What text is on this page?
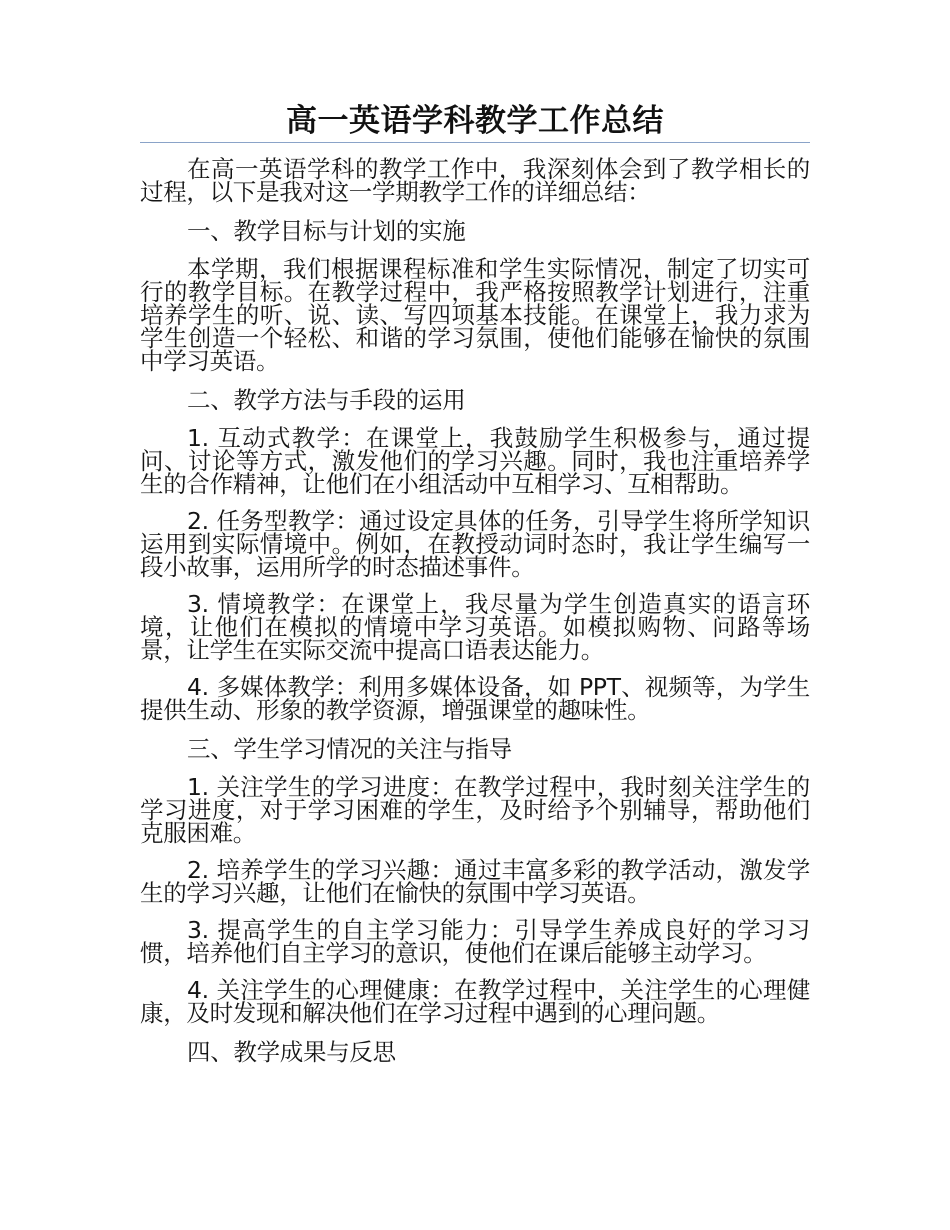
高一英语学科教学工作总结

在高一英语学科的教学工作中，我深刻体会到了教学相长的过程，以下是我对这一学期教学工作的详细总结：

一、教学目标与计划的实施

本学期，我们根据课程标准和学生实际情况，制定了切实可行的教学目标。在教学过程中，我严格按照教学计划进行，注重培养学生的听、说、读、写四项基本技能。在课堂上，我力求为学生创造一个轻松、和谐的学习氛围，使他们能够在愉快的氛围中学习英语。

二、教学方法与手段的运用

1. 互动式教学：在课堂上，我鼓励学生积极参与，通过提问、讨论等方式，激发他们的学习兴趣。同时，我也注重培养学生的合作精神，让他们在小组活动中互相学习、互相帮助。

2. 任务型教学：通过设定具体的任务，引导学生将所学知识运用到实际情境中。例如，在教授动词时态时，我让学生编写一段小故事，运用所学的时态描述事件。

3. 情境教学：在课堂上，我尽量为学生创造真实的语言环境，让他们在模拟的情境中学习英语。如模拟购物、问路等场景，让学生在实际交流中提高口语表达能力。

4. 多媒体教学：利用多媒体设备，如 PPT、视频等，为学生提供生动、形象的教学资源，增强课堂的趣味性。

三、学生学习情况的关注与指导

1. 关注学生的学习进度：在教学过程中，我时刻关注学生的学习进度，对于学习困难的学生，及时给予个别辅导，帮助他们克服困难。

2. 培养学生的学习兴趣：通过丰富多彩的教学活动，激发学生的学习兴趣，让他们在愉快的氛围中学习英语。

3. 提高学生的自主学习能力：引导学生养成良好的学习习惯，培养他们自主学习的意识，使他们在课后能够主动学习。

4. 关注学生的心理健康：在教学过程中，关注学生的心理健康，及时发现和解决他们在学习过程中遇到的心理问题。

四、教学成果与反思
